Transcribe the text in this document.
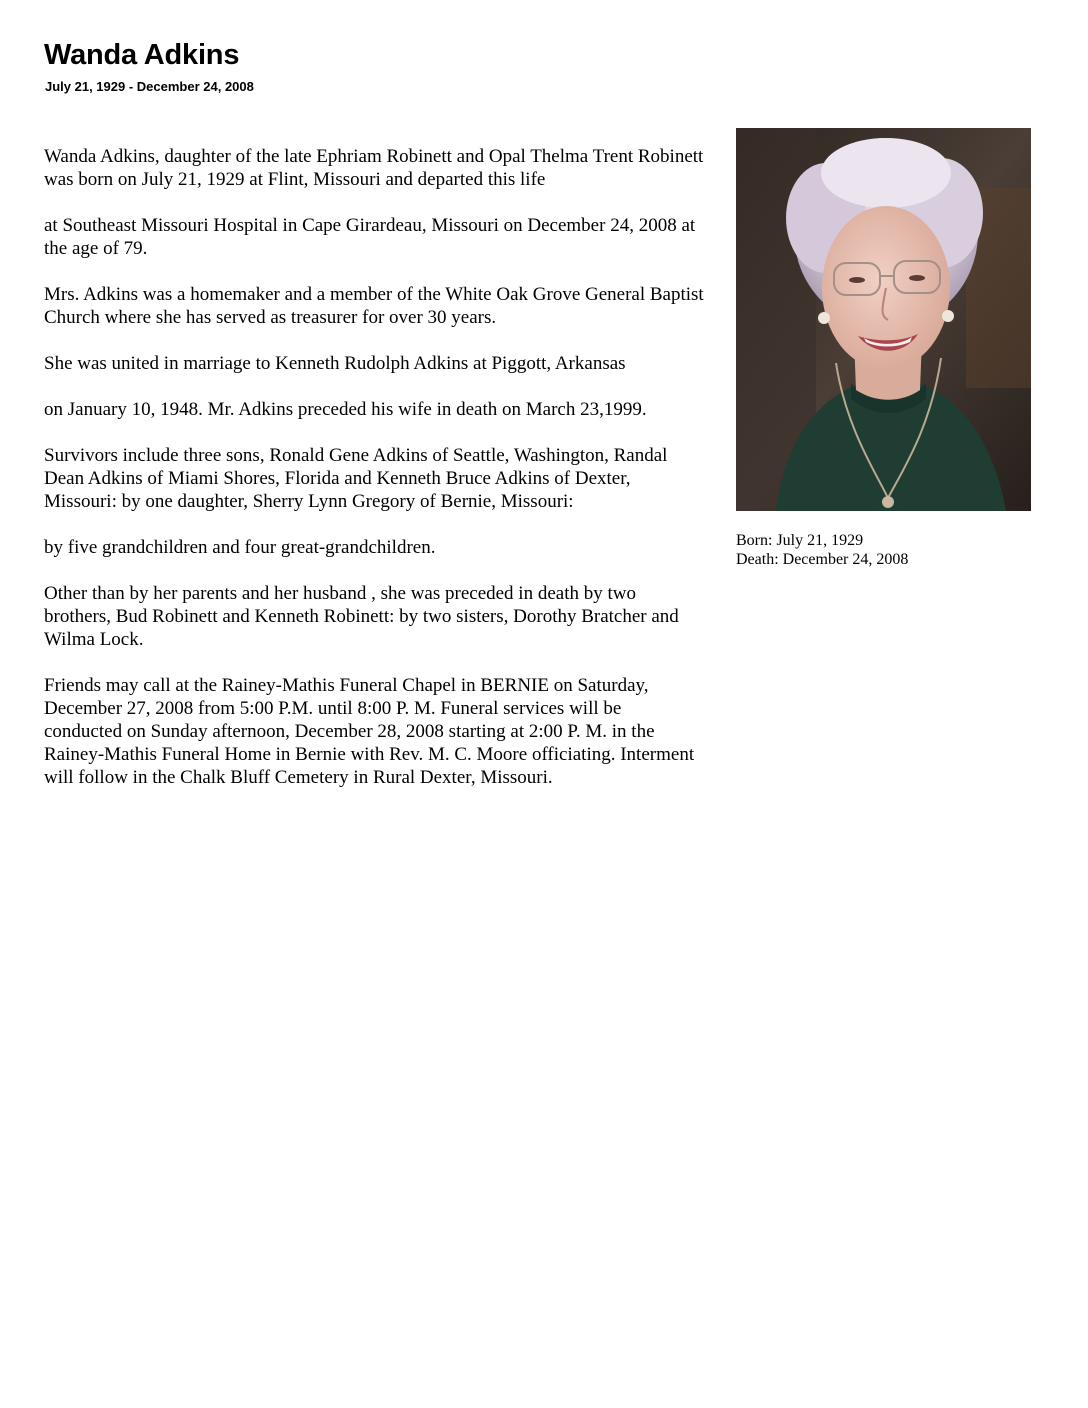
Wanda Adkins
July 21, 1929 - December 24, 2008

Wanda Adkins, daughter of the late Ephriam Robinett and Opal Thelma Trent Robinett was born on July 21, 1929 at Flint, Missouri and departed this life

at Southeast Missouri Hospital in Cape Girardeau, Missouri on December 24, 2008 at the age of 79.

Mrs. Adkins was a homemaker and a member of the White Oak Grove General Baptist Church where she has served as treasurer for over 30 years.

She was united in marriage to Kenneth Rudolph Adkins at Piggott, Arkansas

on January 10, 1948. Mr. Adkins preceded his wife in death on March 23,1999.

Survivors include three sons, Ronald Gene Adkins of Seattle, Washington, Randal Dean Adkins of Miami Shores, Florida and Kenneth Bruce Adkins of Dexter, Missouri: by one daughter, Sherry Lynn Gregory of Bernie, Missouri:

by five grandchildren and four great-grandchildren.

Other than by her parents and her husband , she was preceded in death by two brothers, Bud Robinett and Kenneth Robinett: by two sisters, Dorothy Bratcher and Wilma Lock.

Friends may call at the Rainey-Mathis Funeral Chapel in BERNIE on Saturday, December 27, 2008 from 5:00 P.M. until 8:00 P. M. Funeral services will be conducted on Sunday afternoon, December 28, 2008 starting at 2:00 P. M. in the Rainey-Mathis Funeral Home in Bernie with Rev. M. C. Moore officiating. Interment will follow in the Chalk Bluff Cemetery in Rural Dexter, Missouri.

Born: July 21, 1929
Death: December 24, 2008
